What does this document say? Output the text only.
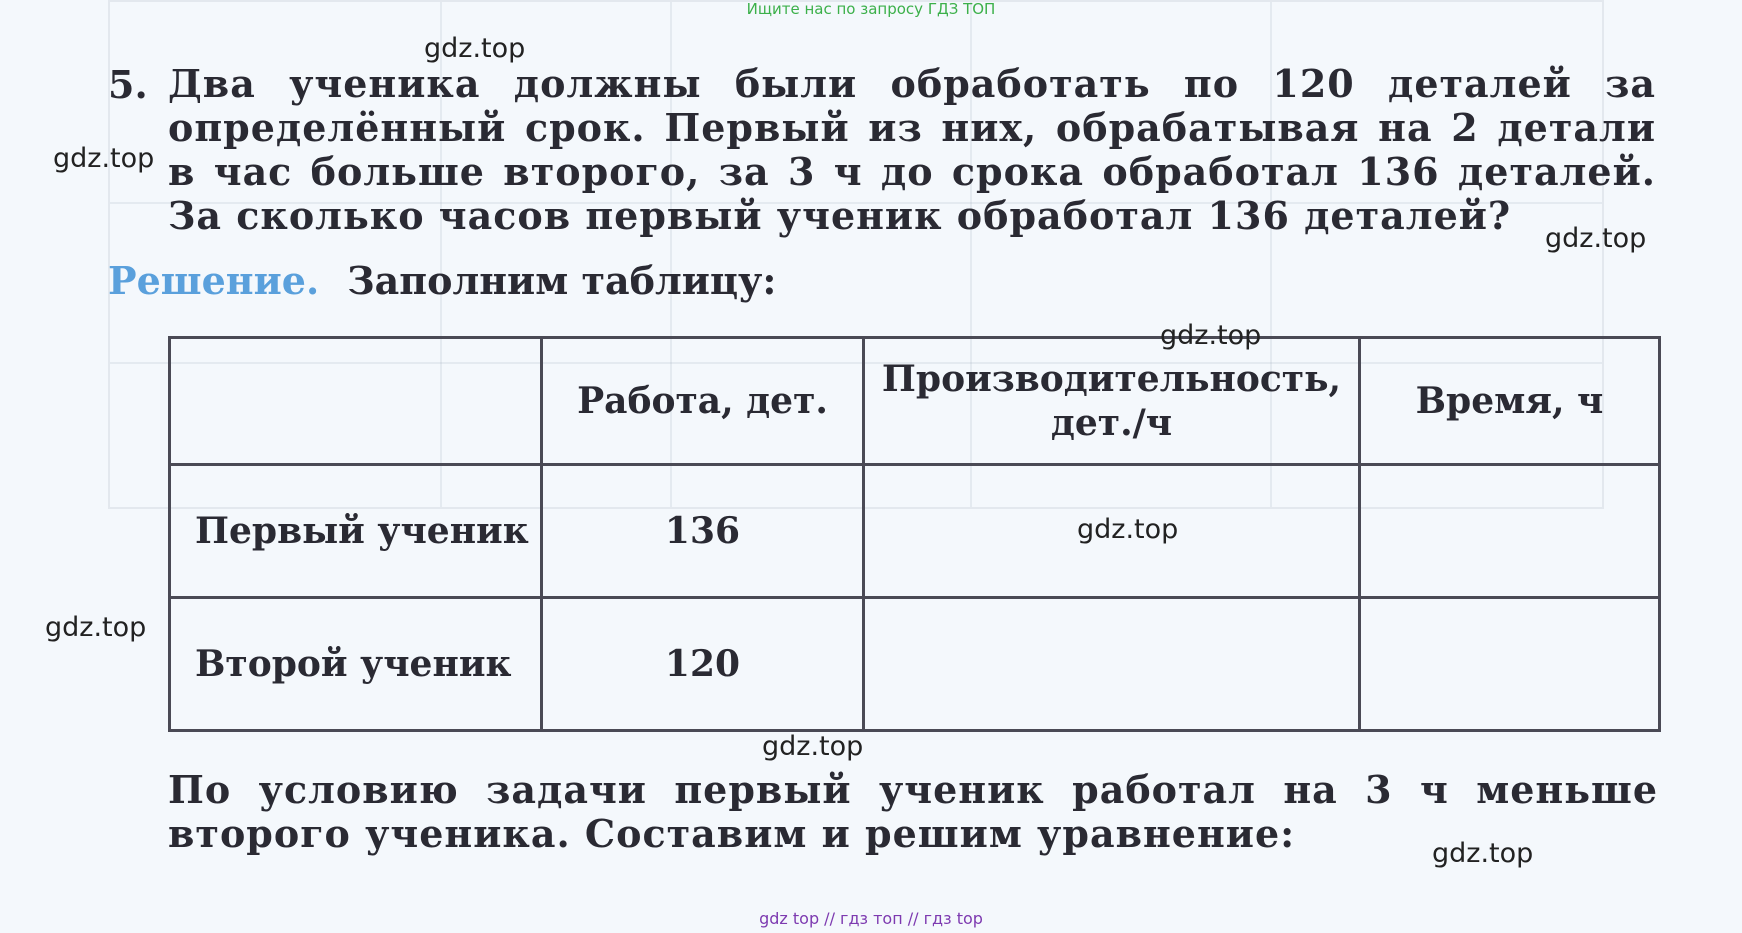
Ищите нас по запросу ГДЗ ТОП
5. Два ученика должны были обработать по 120 деталей за определённый срок. Первый из них, обрабатывая на 2 детали в час больше второго, за 3 ч до срока обработал 136 деталей. За сколько часов первый ученик обработал 136 деталей?
Решение. Заполним таблицу:
	Работа, дет.	Производительность, дет./ч	Время, ч
Первый ученик	136		
Второй ученик	120		
По условию задачи первый ученик работал на 3 ч меньше второго ученика. Составим и решим уравнение:
gdz.top
gdz.top
gdz.top
gdz.top
gdz.top
gdz.top
gdz.top
gdz.top
gdz top // гдз топ // гдз top
